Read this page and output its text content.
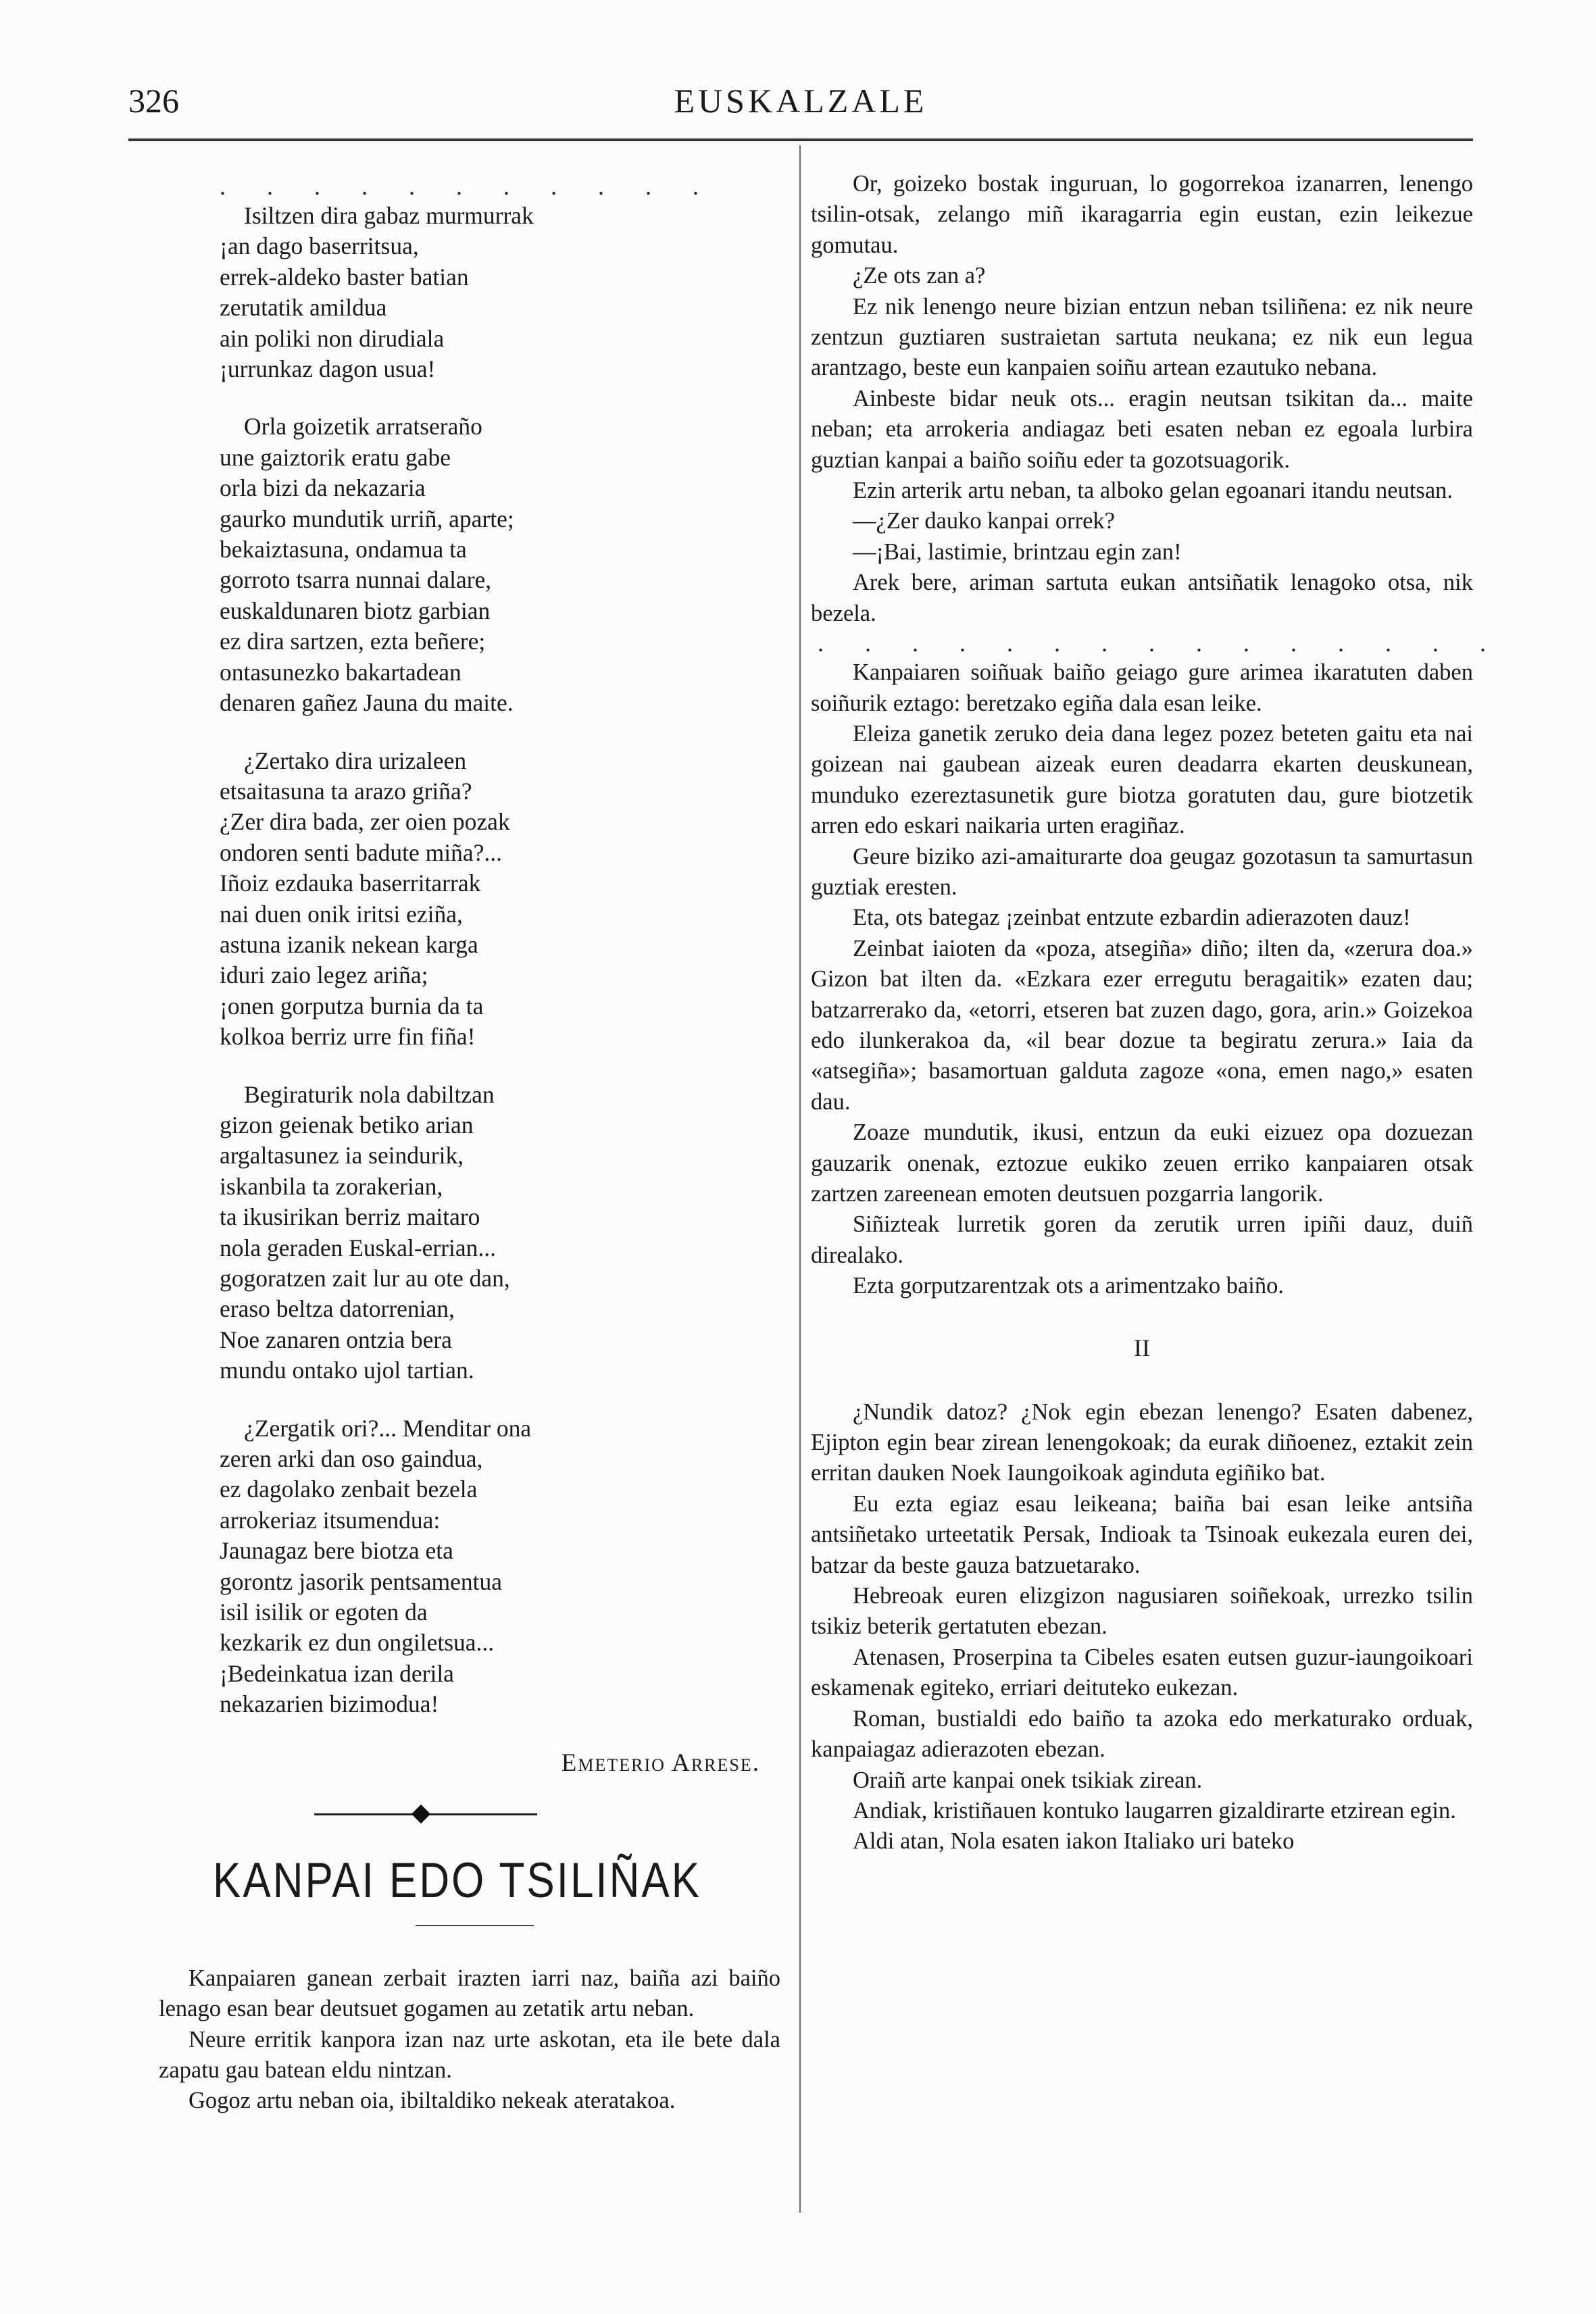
326	EUSKALZALE
. . . . . . . . . . .
Isiltzen dira gabaz murmurrak
¡an dago baserritsua,
errek-aldeko baster batian
zerutatik amildua
ain poliki non dirudiala
¡urrunkaz dagon usua!
Orla goizetik arratseraño
une gaiztorik eratu gabe
orla bizi da nekazaria
gaurko mundutik urriñ, aparte;
bekaiztasuna, ondamua ta
gorroto tsarra nunnai dalare,
euskaldunaren biotz garbian
ez dira sartzen, ezta beñere;
ontasunezko bakartadean
denaren gañez Jauna du maite.
¿Zertako dira urizaleen
etsaitasuna ta arazo griña?
¿Zer dira bada, zer oien pozak
ondoren senti badute miña?...
Iñoiz ezdauka baserritarrak
nai duen onik iritsi eziña,
astuna izanik nekean karga
iduri zaio legez ariña;
¡onen gorputza burnia da ta
kolkoa berriz urre fin fiña!
Begiraturik nola dabiltzan
gizon geienak betiko arian
argaltasunez ia seindurik,
iskanbila ta zorakerian,
ta ikusirikan berriz maitaro
nola geraden Euskal-errian...
gogoratzen zait lur au ote dan,
eraso beltza datorrenian,
Noe zanaren ontzia bera
mundu ontako ujol tartian.
¿Zergatik ori?... Menditar ona
zeren arki dan oso gaindua,
ez dagolako zenbait bezela
arrokeriaz itsumendua:
Jaunagaz bere biotza eta
gorontz jasorik pentsamentua
isil isilik or egoten da
kezkarik ez dun ongiletsua...
¡Bedeinkatua izan derila
nekazarien bizimodua!
Emeterio Arrese.
KANPAI EDO TSILIÑAK

Kanpaiaren ganean zerbait irazten iarri naz, baiña azi baiño lenago esan bear deutsuet gogamen au zetatik artu neban.

Neure erritik kanpora izan naz urte askotan, eta ile bete dala zapatu gau batean eldu nintzan.

Gogoz artu neban oia, ibiltaldiko nekeak ateratakoa.

Or, goizeko bostak inguruan, lo gogorrekoa izanarren, lenengo tsilin-otsak, zelango miñ ikaragarria egin eustan, ezin leikezue gomutau.

¿Ze ots zan a?

Ez nik lenengo neure bizian entzun neban tsiliñena: ez nik neure zentzun guztiaren sustraietan sartuta neukana; ez nik eun legua arantzago, beste eun kanpaien soiñu artean ezautuko nebana.

Ainbeste bidar neuk ots... eragin neutsan tsikitan da... maite neban; eta arrokeria andiagaz beti esaten neban ez egoala lurbira guztian kanpai a baiño soiñu eder ta gozotsuagorik.

Ezin arterik artu neban, ta alboko gelan egoanari itandu neutsan.

—¿Zer dauko kanpai orrek?

—¡Bai, lastimie, brintzau egin zan!

Arek bere, ariman sartuta eukan antsiñatik lenagoko otsa, nik bezela.

. . . . . . . . . . . . . . .

Kanpaiaren soiñuak baiño geiago gure arimea ikaratuten daben soiñurik eztago: beretzako egiña dala esan leike.

Eleiza ganetik zeruko deia dana legez pozez beteten gaitu eta nai goizean nai gaubean aizeak euren deadarra ekarten deuskunean, munduko ezereztasunetik gure biotza goratuten dau, gure biotzetik arren edo eskari naikaria urten eragiñaz.

Geure biziko azi-amaiturarte doa geugaz gozotasun ta samurtasun guztiak eresten.

Eta, ots bategaz ¡zeinbat entzute ezbardin adierazoten dauz!

Zeinbat iaioten da «poza, atsegiña» diño; ilten da, «zerura doa.» Gizon bat ilten da. «Ezkara ezer erregutu beragaitik» ezaten dau; batzarrerako da, «etorri, etseren bat zuzen dago, gora, arin.» Goizekoa edo ilunkerakoa da, «il bear dozue ta begiratu zerura.» Iaia da «atsegiña»; basamortuan galduta zagoze «ona, emen nago,» esaten dau.

Zoaze mundutik, ikusi, entzun da euki eizuez opa dozuezan gauzarik onenak, eztozue eukiko zeuen erriko kanpaiaren otsak zartzen zareenean emoten deutsuen pozgarria langorik.

Siñizteak lurretik goren da zerutik urren ipiñi dauz, duiñ direalako.

Ezta gorputzarentzak ots a arimentzako baiño.

II

¿Nundik datoz? ¿Nok egin ebezan lenengo? Esaten dabenez, Ejipton egin bear zirean lenengokoak; da eurak diñoenez, eztakit zein erritan dauken Noek Iaungoikoak aginduta egiñiko bat.

Eu ezta egiaz esau leikeana; baiña bai esan leike antsiña antsiñetako urteetatik Persak, Indioak ta Tsinoak eukezala euren dei, batzar da beste gauza batzuetarako.

Hebreoak euren elizgizon nagusiaren soiñekoak, urrezko tsilin tsikiz beterik gertatuten ebezan.

Atenasen, Proserpina ta Cibeles esaten eutsen guzur-iaungoikoari eskamenak egiteko, erriari deituteko eukezan.

Roman, bustialdi edo baiño ta azoka edo merkaturako orduak, kanpaiagaz adierazoten ebezan.

Oraiñ arte kanpai onek tsikiak zirean.

Andiak, kristiñauen kontuko laugarren gizaldirarte etzirean egin.

Aldi atan, Nola esaten iakon Italiako uri bateko
